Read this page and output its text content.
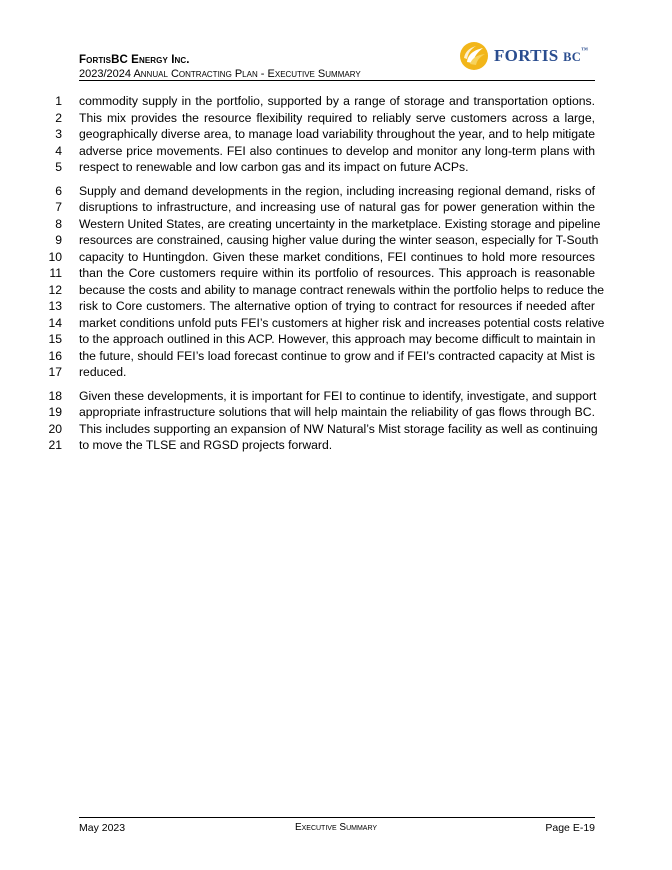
FortisBC Energy Inc.
2023/2024 Annual Contracting Plan - Executive Summary
FORTIS BC™
1 commodity supply in the portfolio, supported by a range of storage and transportation options.
2 This mix provides the resource flexibility required to reliably serve customers across a large,
3 geographically diverse area, to manage load variability throughout the year, and to help mitigate
4 adverse price movements. FEI also continues to develop and monitor any long-term plans with
5 respect to renewable and low carbon gas and its impact on future ACPs.
6 Supply and demand developments in the region, including increasing regional demand, risks of
7 disruptions to infrastructure, and increasing use of natural gas for power generation within the
8 Western United States, are creating uncertainty in the marketplace. Existing storage and pipeline
9 resources are constrained, causing higher value during the winter season, especially for T-South
10 capacity to Huntingdon. Given these market conditions, FEI continues to hold more resources
11 than the Core customers require within its portfolio of resources. This approach is reasonable
12 because the costs and ability to manage contract renewals within the portfolio helps to reduce the
13 risk to Core customers. The alternative option of trying to contract for resources if needed after
14 market conditions unfold puts FEI’s customers at higher risk and increases potential costs relative
15 to the approach outlined in this ACP. However, this approach may become difficult to maintain in
16 the future, should FEI’s load forecast continue to grow and if FEI’s contracted capacity at Mist is
17 reduced.
18 Given these developments, it is important for FEI to continue to identify, investigate, and support
19 appropriate infrastructure solutions that will help maintain the reliability of gas flows through BC.
20 This includes supporting an expansion of NW Natural’s Mist storage facility as well as continuing
21 to move the TLSE and RGSD projects forward.
May 2023	Executive Summary	Page E-19
